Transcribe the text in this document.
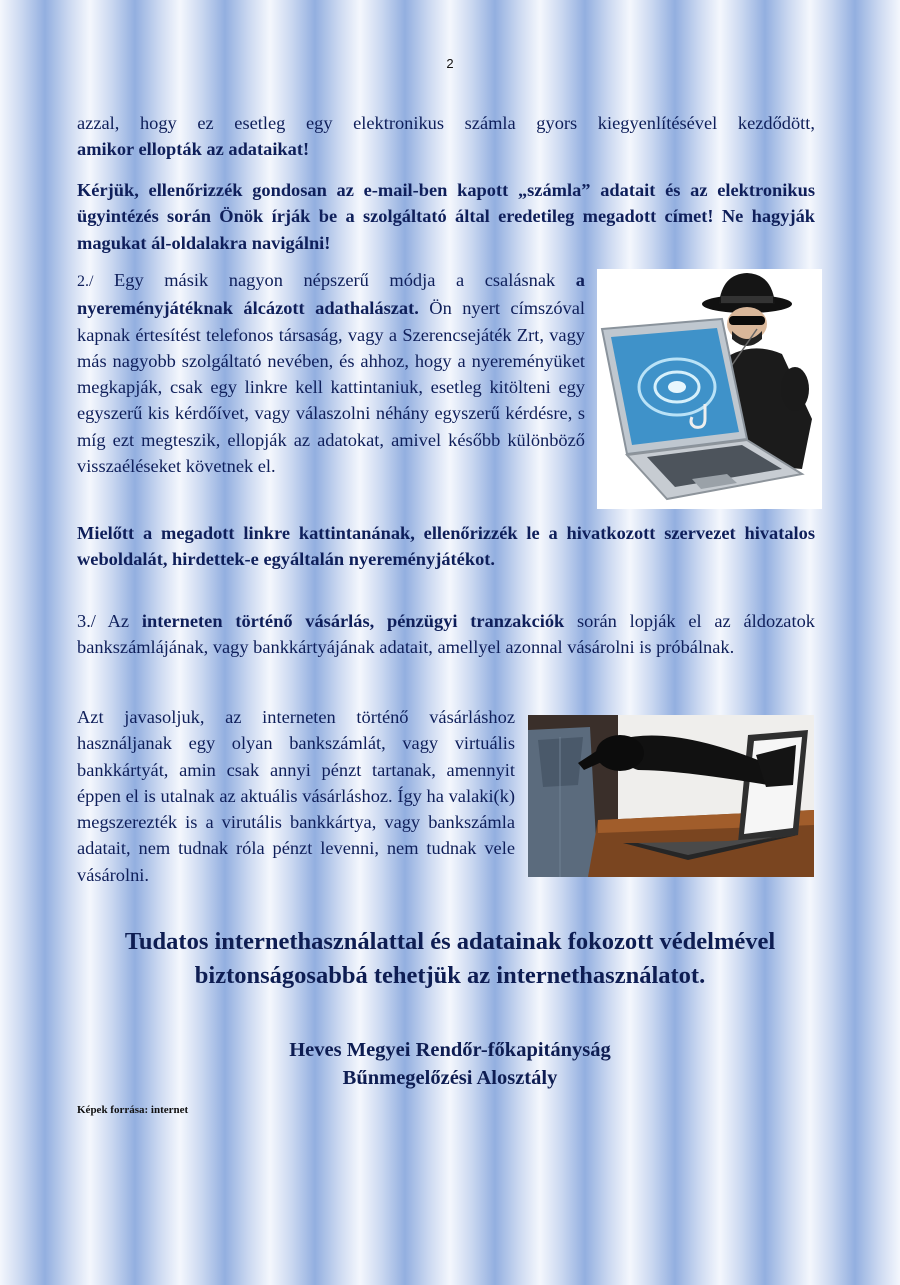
2
azzal, hogy ez esetleg egy elektronikus számla gyors kiegyenlítésével kezdődött,
amikor ellopták az adataikat!
Kérjük, ellenőrizzék gondosan az e-mail-ben kapott „számla” adatait és az elektronikus ügyintézés során Önök írják be a szolgáltató által eredetileg megadott címet! Ne hagyják magukat ál-oldalakra navigálni!
2./ Egy másik nagyon népszerű módja a csalásnak a nyereményjátéknak álcázott adathalászat. Ön nyert címszóval kapnak értesítést telefonos társaság, vagy a Szerencsejáték Zrt, vagy más nagyobb szolgáltató nevében, és ahhoz, hogy a nyereményüket megkapják, csak egy linkre kell kattintaniuk, esetleg kitölteni egy egyszerű kis kérdőívet, vagy válaszolni néhány egyszerű kérdésre, s míg ezt megteszik, ellopják az adatokat, amivel később különböző visszaéléseket követnek el.
Mielőtt a megadott linkre kattintanának, ellenőrizzék le a hivatkozott szervezet hivatalos weboldalát, hirdettek-e egyáltalán nyereményjátékot.
3./ Az interneten történő vásárlás, pénzügyi tranzakciók során lopják el az áldozatok bankszámlájának, vagy bankkártyájának adatait, amellyel azonnal vásárolni is próbálnak.
Azt javasoljuk, az interneten történő vásárláshoz használjanak egy olyan bankszámlát, vagy virtuális bankkártyát, amin csak annyi pénzt tartanak, amennyit éppen el is utalnak az aktuális vásárláshoz. Így ha valaki(k) megszerezték is a virutális bankkártya, vagy bankszámla adatait, nem tudnak róla pénzt levenni, nem tudnak vele vásárolni.
Tudatos internethasználattal és adatainak fokozott védelmével
biztonságosabbá tehetjük az internethasználatot.
Heves Megyei Rendőr-főkapitányság
Bűnmegelőzési Alosztály
Képek forrása: internet
